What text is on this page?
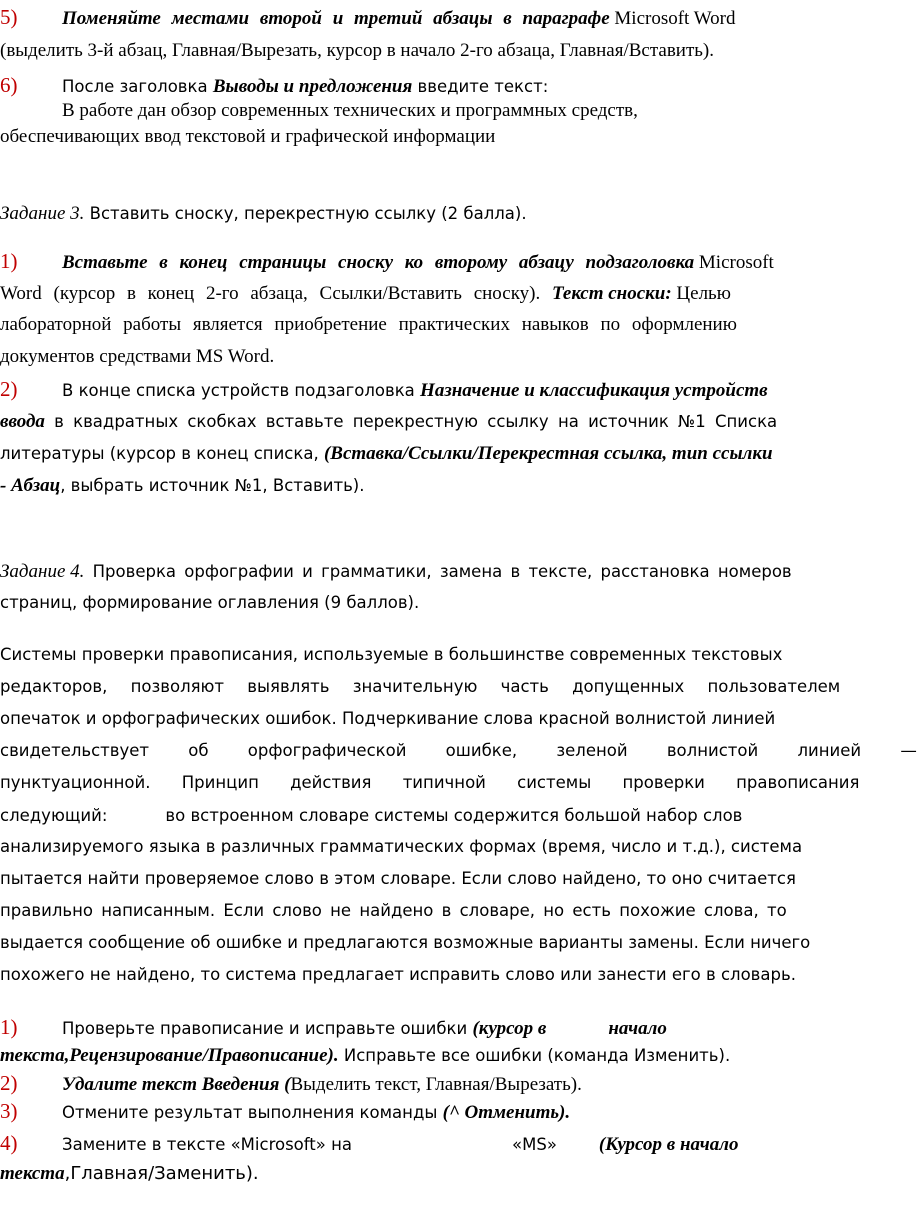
5) Поменяйте местами второй и третий абзацы в параграфе Microsoft Word
(выделить 3-й абзац, Главная/Вырезать, курсор в начало 2-го абзаца, Главная/Вставить).
6)	После заголовка Выводы и предложения введите текст:
В работе дан обзор современных технических и программных средств,
обеспечивающих ввод текстовой и графической информации
Задание 3. Вставить сноску, перекрестную ссылку (2 балла).
1) Вставьте в конец страницы сноску ко второму абзацу подзаголовка Microsoft
Word (курсор в конец 2-го абзаца, Ссылки/Вставить сноску). Текст сноски: Целью
лабораторной работы является приобретение практических навыков по оформлению
документов средствами MS Word.
2)	В конце списка устройств подзаголовка Назначение и классификация устройств
ввода в квадратных скобках вставьте перекрестную ссылку на источник №1 Списка
литературы (курсор в конец списка, (Вставка/Ссылки/Перекрестная ссылка, тип ссылки
- Абзац, выбрать источник №1, Вставить).
Задание 4. Проверка орфографии и грамматики, замена в тексте, расстановка номеров
страниц, формирование оглавления (9 баллов).
Системы проверки правописания, используемые в большинстве современных текстовых
редакторов, позволяют выявлять значительную часть допущенных пользователем
опечаток и орфографических ошибок. Подчеркивание слова красной волнистой линией
свидетельствует об орфографической ошибке, зеленой волнистой линией —
пунктуационной. Принцип действия типичной системы проверки правописания
следующий:	во встроенном словаре системы содержится большой набор слов
анализируемого языка в различных грамматических формах (время, число и т.д.), система
пытается найти проверяемое слово в этом словаре. Если слово найдено, то оно считается
правильно написанным. Если слово не найдено в словаре, но есть похожие слова, то
выдается сообщение об ошибке и предлагаются возможные варианты замены. Если ничего
похожего не найдено, то система предлагает исправить слово или занести его в словарь.
1)	Проверьте правописание и исправьте ошибки (курсор в	начало
текста,Рецензирование/Правописание). Исправьте все ошибки (команда Изменить).
2) Удалите текст Введения (Выделить текст, Главная/Вырезать).
3)	Отмените результат выполнения команды (^ Отменить).
4)	Замените в тексте «Microsoft» на	«MS» (Курсор в начало
текста,Главная/Заменить).
